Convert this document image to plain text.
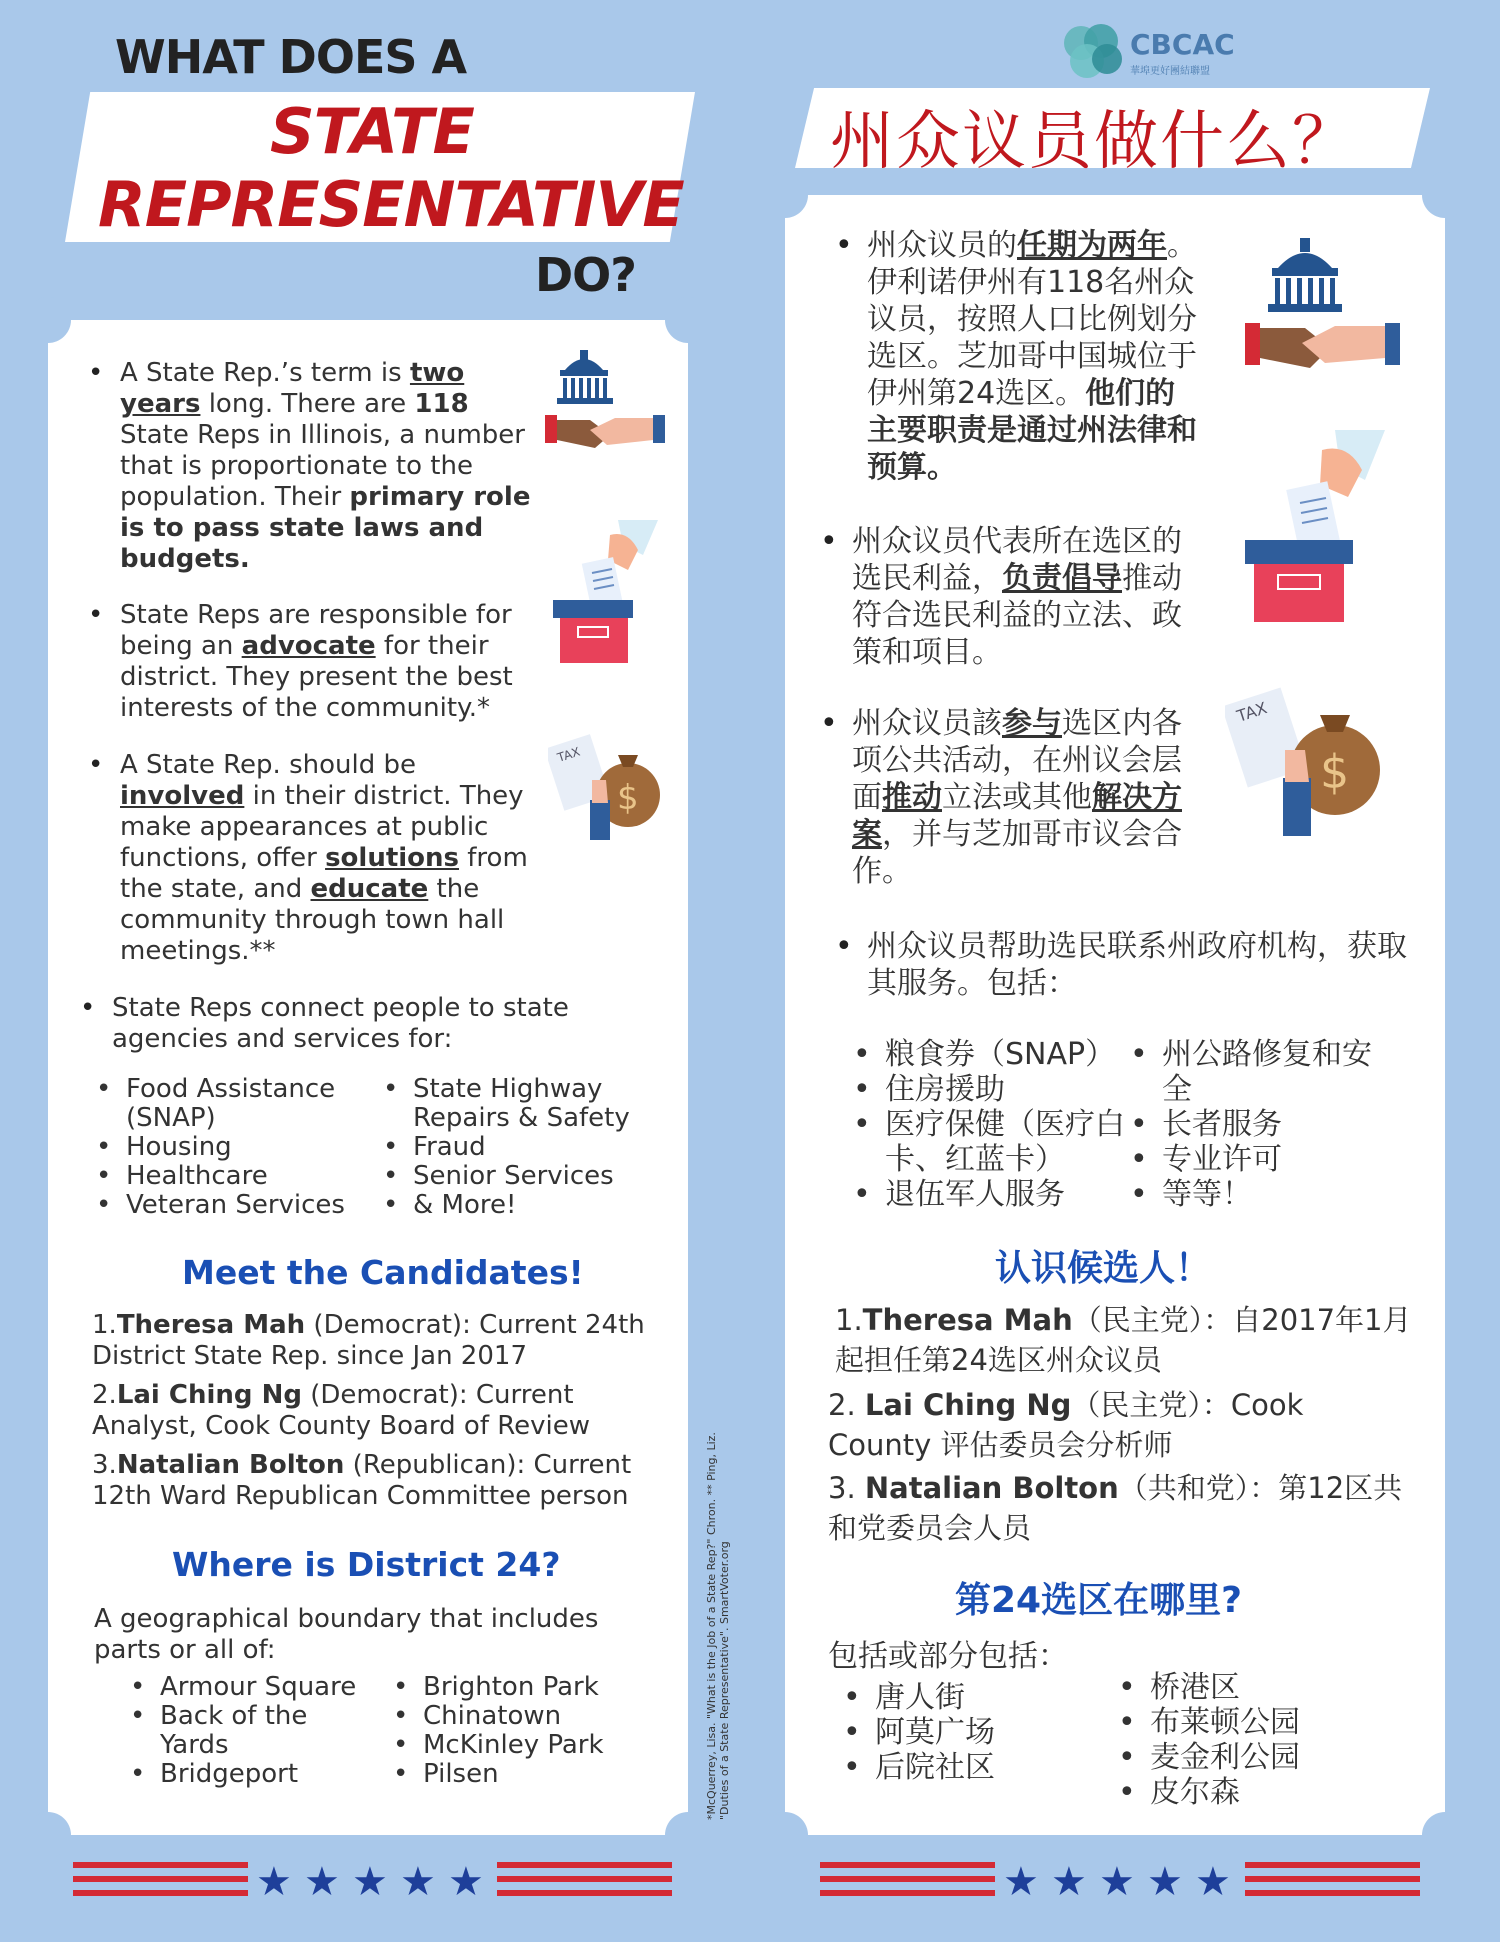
WHAT DOES A
STATE
REPRESENTATIVE
DO?
CBCAC
華埠更好團結聯盟
州众议员做什么？
• A State Rep.’s term is two years long. There are 118 State Reps in Illinois, a number that is proportionate to the population. Their primary role is to pass state laws and budgets.
• State Reps are responsible for being an advocate for their district. They present the best interests of the community.*
• A State Rep. should be involved in their district. They make appearances at public functions, offer solutions from the state, and educate the community through town hall meetings.**
• State Reps connect people to state agencies and services for:
• Food Assistance (SNAP)
• Housing
• Healthcare
• Veteran Services
• State Highway Repairs & Safety
• Fraud
• Senior Services
• & More!
Meet the Candidates!
1.Theresa Mah (Democrat): Current 24th District State Rep. since Jan 2017
2.Lai Ching Ng (Democrat): Current Analyst, Cook County Board of Review
3.Natalian Bolton (Republican): Current 12th Ward Republican Committee person
Where is District 24?
A geographical boundary that includes parts or all of:
• Armour Square
• Back of the Yards
• Bridgeport
• Brighton Park
• Chinatown
• McKinley Park
• Pilsen	*McQuerrey, Lisa. "What is the Job of a State Rep?" Chron. ** Ping, Liz. "Duties of a State Representative". SmartVoter.org
• 州众议员的任期为两年。伊利诺伊州有118名州众议员，按照人口比例划分选区。芝加哥中国城位于伊州第24选区。他们的主要职责是通过州法律和预算。
• 州众议员代表所在选区的选民利益，负责倡导推动符合选民利益的立法、政策和项目。
• 州众议员該参与选区内各项公共活动，在州议会层面推动立法或其他解决方案，并与芝加哥市议会合作。
• 州众议员帮助选民联系州政府机构，获取其服务。包括：
• 粮食券（SNAP）
• 住房援助
• 医疗保健（医疗白卡、红蓝卡）
• 退伍军人服务
• 州公路修复和安全
• 长者服务
• 专业许可
• 等等！
认识候选人！
1.Theresa Mah（民主党）：自2017年1月起担任第24选区州众议员
2. Lai Ching Ng（民主党）：Cook County 评估委员会分析师
3. Natalian Bolton（共和党）：第12区共和党委员会人员
第24选区在哪里?
包括或部分包括：
• 唐人街
• 阿莫广场
• 后院社区
• 桥港区
• 布莱顿公园
• 麦金利公园
• 皮尔森
TAX
$
TAX
$
★ ★ ★ ★ ★	★ ★ ★ ★ ★
